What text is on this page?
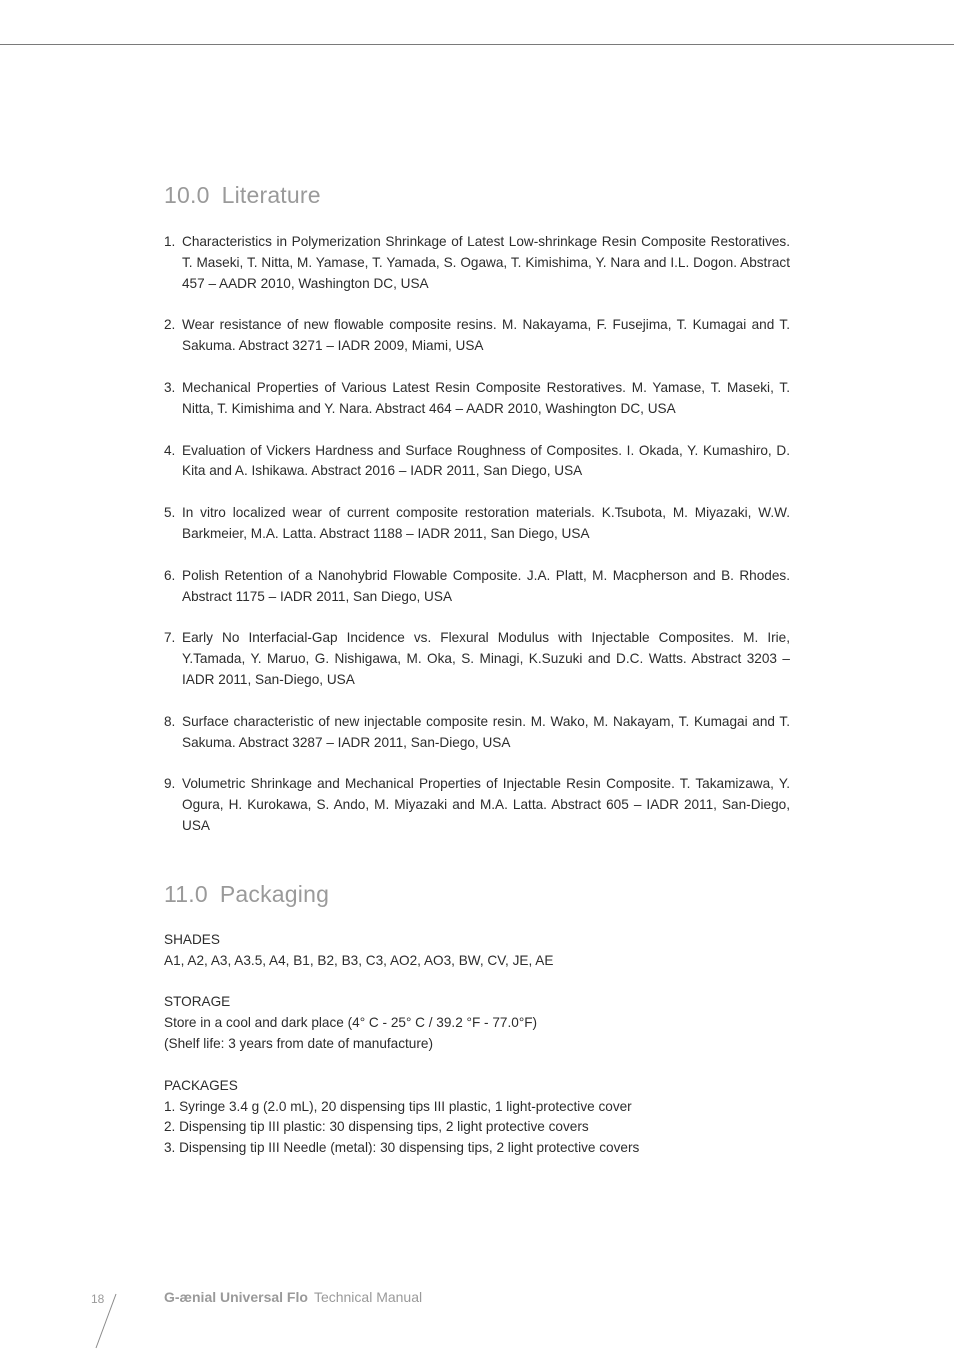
10.0 Literature
1. Characteristics in Polymerization Shrinkage of Latest Low-shrinkage Resin Composite Restoratives. T. Maseki, T. Nitta, M. Yamase, T. Yamada, S. Ogawa, T. Kimishima, Y. Nara and I.L. Dogon. Abstract 457 – AADR 2010, Washington DC, USA
2. Wear resistance of new flowable composite resins. M. Nakayama, F. Fusejima, T. Kumagai and T. Sakuma. Abstract 3271 – IADR 2009, Miami, USA
3. Mechanical Properties of Various Latest Resin Composite Restoratives. M. Yamase, T. Maseki, T. Nitta, T. Kimishima and Y. Nara. Abstract 464 – AADR 2010, Washington DC, USA
4. Evaluation of Vickers Hardness and Surface Roughness of Composites. I. Okada, Y. Kumashiro, D. Kita and A. Ishikawa. Abstract 2016 – IADR 2011, San Diego, USA
5. In vitro localized wear of current composite restoration materials. K.Tsubota, M. Miyazaki, W.W. Barkmeier, M.A. Latta. Abstract 1188 – IADR 2011, San Diego, USA
6. Polish Retention of a Nanohybrid Flowable Composite. J.A. Platt, M. Macpherson and B. Rhodes. Abstract 1175 – IADR 2011, San Diego, USA
7. Early No Interfacial-Gap Incidence vs. Flexural Modulus with Injectable Composites. M. Irie, Y.Tamada, Y. Maruo, G. Nishigawa, M. Oka, S. Minagi, K.Suzuki and D.C. Watts. Abstract 3203 – IADR 2011, San-Diego, USA
8. Surface characteristic of new injectable composite resin. M. Wako, M. Nakayam, T. Kumagai and T. Sakuma. Abstract 3287 – IADR 2011, San-Diego, USA
9. Volumetric Shrinkage and Mechanical Properties of Injectable Resin Composite. T. Takamizawa, Y. Ogura, H. Kurokawa, S. Ando, M. Miyazaki and M.A. Latta. Abstract 605 – IADR 2011, San-Diego, USA
11.0 Packaging
SHADES
A1, A2, A3, A3.5, A4, B1, B2, B3, C3, AO2, AO3, BW, CV, JE, AE
STORAGE
Store in a cool and dark place (4° C - 25° C / 39.2 °F - 77.0°F)
(Shelf life: 3 years from date of manufacture)
PACKAGES
1. Syringe 3.4 g (2.0 mL), 20 dispensing tips III plastic, 1 light-protective cover
2. Dispensing tip III plastic: 30 dispensing tips, 2 light protective covers
3. Dispensing tip III Needle (metal): 30 dispensing tips, 2 light protective covers
18	G-ænial Universal Flo Technical Manual
